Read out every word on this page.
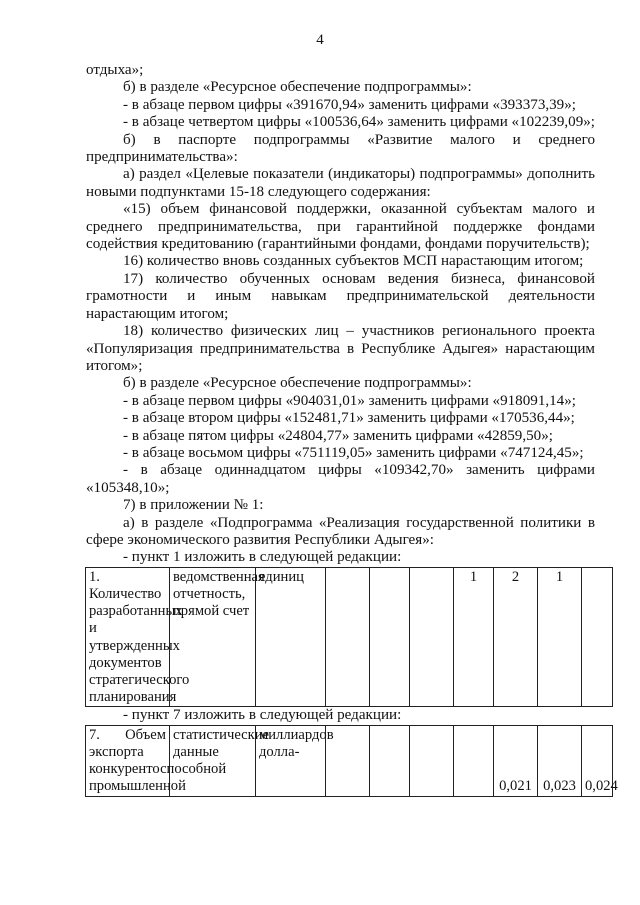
4

отдыха»;

б) в разделе «Ресурсное обеспечение подпрограммы»:

- в абзаце первом цифры «391670,94» заменить цифрами «393373,39»;

- в абзаце четвертом цифры «100536,64» заменить цифрами «102239,09»;

б) в паспорте подпрограммы «Развитие малого и среднего предпринимательства»:

а) раздел «Целевые показатели (индикаторы) подпрограммы» дополнить новыми подпунктами 15-18 следующего содержания:

«15) объем финансовой поддержки, оказанной субъектам малого и среднего предпринимательства, при гарантийной поддержке фондами содействия кредитованию (гарантийными фондами, фондами поручительств);

16) количество вновь созданных субъектов МСП нарастающим итогом;

17) количество обученных основам ведения бизнеса, финансовой грамотности и иным навыкам предпринимательской деятельности нарастающим итогом;

18) количество физических лиц – участников регионального проекта «Популяризация предпринимательства в Республике Адыгея» нарастающим итогом»;

б) в разделе «Ресурсное обеспечение подпрограммы»:

- в абзаце первом цифры «904031,01» заменить цифрами «918091,14»;

- в абзаце втором цифры «152481,71» заменить цифрами «170536,44»;

- в абзаце пятом цифры «24804,77» заменить цифрами «42859,50»;

- в абзаце восьмом цифры «751119,05» заменить цифрами «747124,45»;

- в абзаце одиннадцатом цифры «109342,70» заменить цифрами «105348,10»;

7) в приложении № 1:

а) в разделе «Подпрограмма «Реализация государственной политики в сфере экономического развития Республики Адыгея»:

- пункт 1 изложить в следующей редакции:

1. Количество разработанных и утвержденных документов стратегического планирования	ведомственная отчетность, прямой счет	единиц				1	2	1	

- пункт 7 изложить в следующей редакции:

7. Объем экспорта конкурентоспособной промышленной	статистические данные	миллиардов долла-					0,021	0,023	0,024
